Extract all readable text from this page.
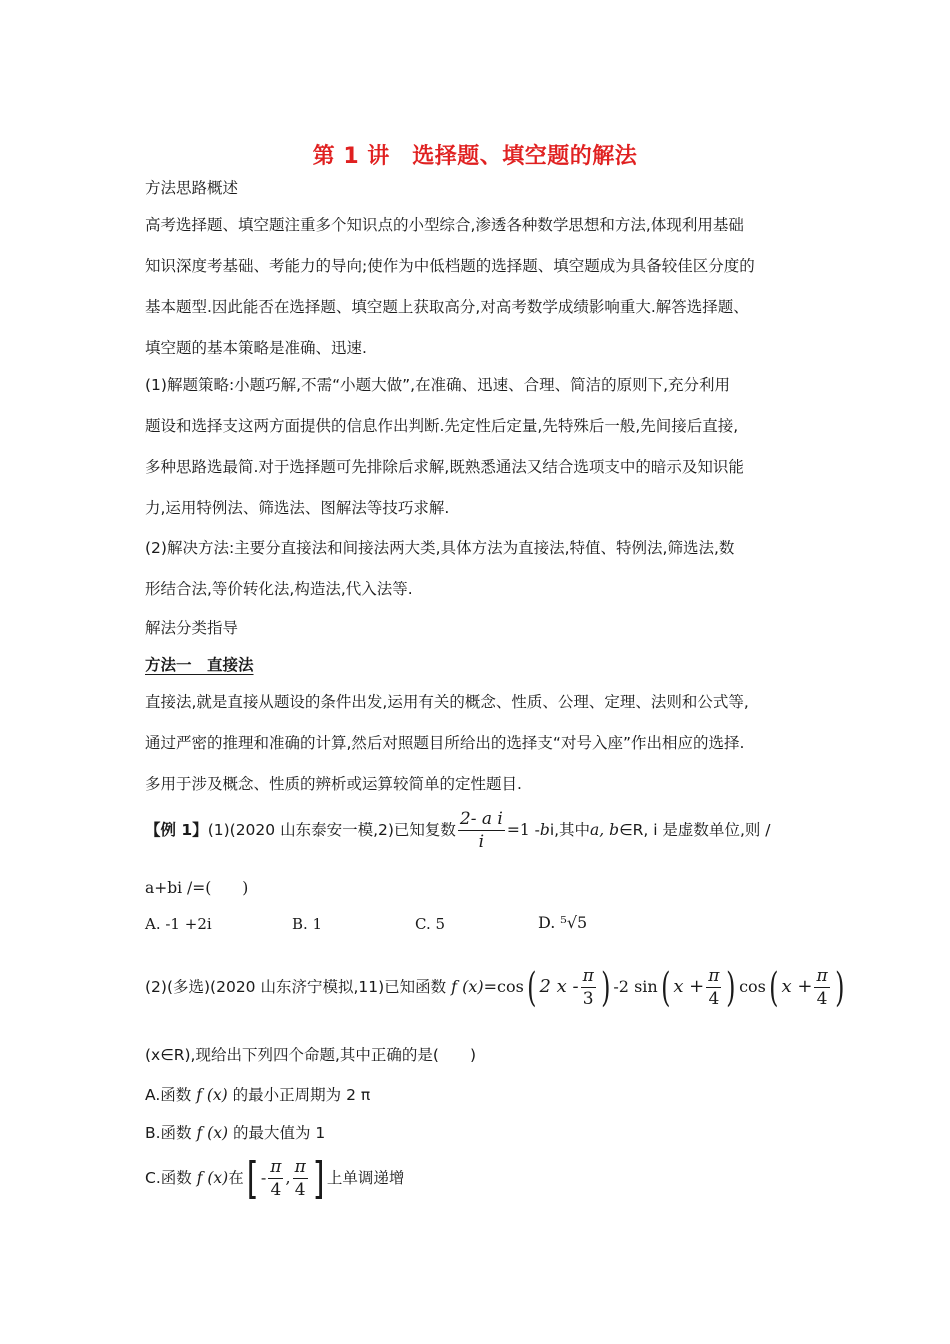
第 1 讲　选择题、填空题的解法
方法思路概述
高考选择题、填空题注重多个知识点的小型综合,渗透各种数学思想和方法,体现利用基础
知识深度考基础、考能力的导向;使作为中低档题的选择题、填空题成为具备较佳区分度的
基本题型.因此能否在选择题、填空题上获取高分,对高考数学成绩影响重大.解答选择题、
填空题的基本策略是准确、迅速.
(1)解题策略:小题巧解,不需“小题大做”,在准确、迅速、合理、简洁的原则下,充分利用
题设和选择支这两方面提供的信息作出判断.先定性后定量,先特殊后一般,先间接后直接,
多种思路选最简.对于选择题可先排除后求解,既熟悉通法又结合选项支中的暗示及知识能
力,运用特例法、筛选法、图解法等技巧求解.
(2)解决方法:主要分直接法和间接法两大类,具体方法为直接法,特值、特例法,筛选法,数
形结合法,等价转化法,构造法,代入法等.
解法分类指导
方法一　直接法
直接法,就是直接从题设的条件出发,运用有关的概念、性质、公理、定理、法则和公式等,
通过严密的推理和准确的计算,然后对照题目所给出的选择支“对号入座”作出相应的选择.
多用于涉及概念、性质的辨析或运算较简单的定性题目.
【例 1】(1)(2020 山东泰安一模,2)已知复数 $\frac{\text{2- a i}}{i} =1$ -bi,其中a, b∈R, i 是虚数单位,则 /
a+bi /=(　　)
A. -1 +2i	B. 1	C. 5	D. ⁵√5
(2)(多选)(2020 山东济宁模拟,11)已知函数 f (x)=cos( 2 x - $\frac{\pi}{3}$ ) -2 sin( $x + \frac{\pi}{4}$ ) cos( $x + \frac{\pi}{4}$ )
(x∈R),现给出下列四个命题,其中正确的是(　　)
A.函数 f (x) 的最小正周期为 2 π
B.函数 f (x) 的最大值为 1
C.函数 f (x)在[ - $\frac{\pi}{4}$ , $\frac{\pi}{4}$ ] 上单调递增
